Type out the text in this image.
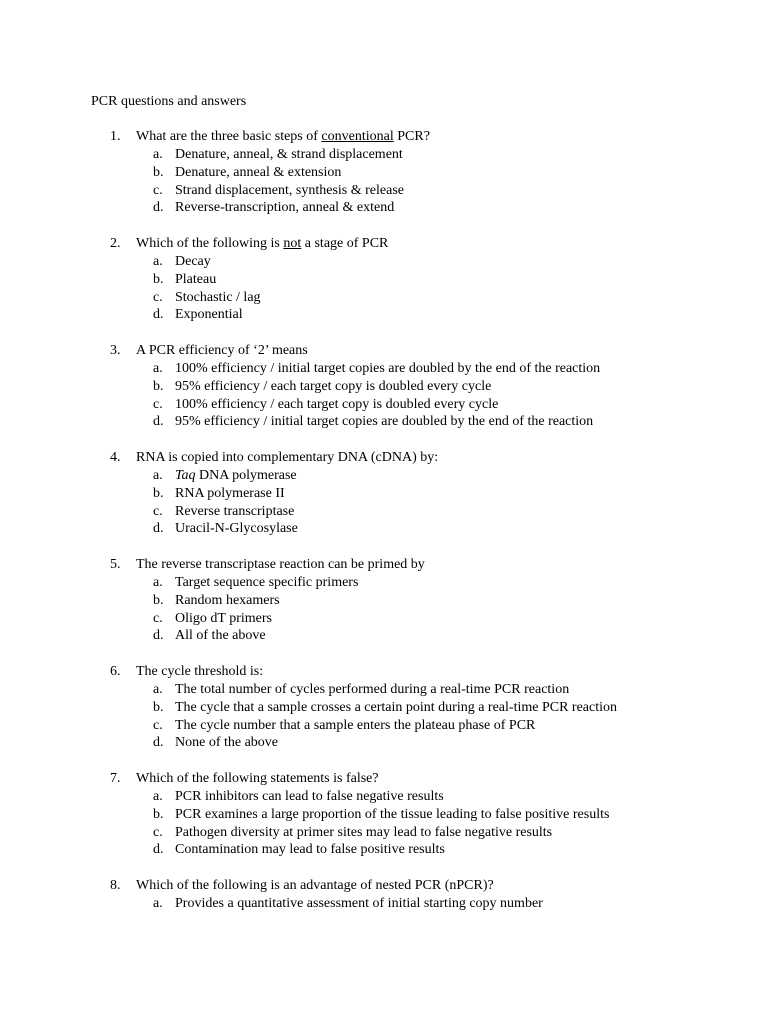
PCR questions and answers
1.	What are the three basic steps of conventional PCR?
a. Denature, anneal, & strand displacement
b. Denature, anneal & extension
c. Strand displacement, synthesis & release
d. Reverse-transcription, anneal & extend
2.	Which of the following is not a stage of PCR
a. Decay
b. Plateau
c. Stochastic / lag
d. Exponential
3.	A PCR efficiency of ‘2’ means
a. 100% efficiency / initial target copies are doubled by the end of the reaction
b. 95% efficiency / each target copy is doubled every cycle
c. 100% efficiency / each target copy is doubled every cycle
d. 95% efficiency / initial target copies are doubled by the end of the reaction
4.	RNA is copied into complementary DNA (cDNA) by:
a. Taq DNA polymerase
b. RNA polymerase II
c. Reverse transcriptase
d. Uracil-N-Glycosylase
5.	The reverse transcriptase reaction can be primed by
a. Target sequence specific primers
b. Random hexamers
c. Oligo dT primers
d. All of the above
6.	The cycle threshold is:
a. The total number of cycles performed during a real-time PCR reaction
b. The cycle that a sample crosses a certain point during a real-time PCR reaction
c. The cycle number that a sample enters the plateau phase of PCR
d. None of the above
7.	Which of the following statements is false?
a. PCR inhibitors can lead to false negative results
b. PCR examines a large proportion of the tissue leading to false positive results
c. Pathogen diversity at primer sites may lead to false negative results
d. Contamination may lead to false positive results
8.	Which of the following is an advantage of nested PCR (nPCR)?
a. Provides a quantitative assessment of initial starting copy number
